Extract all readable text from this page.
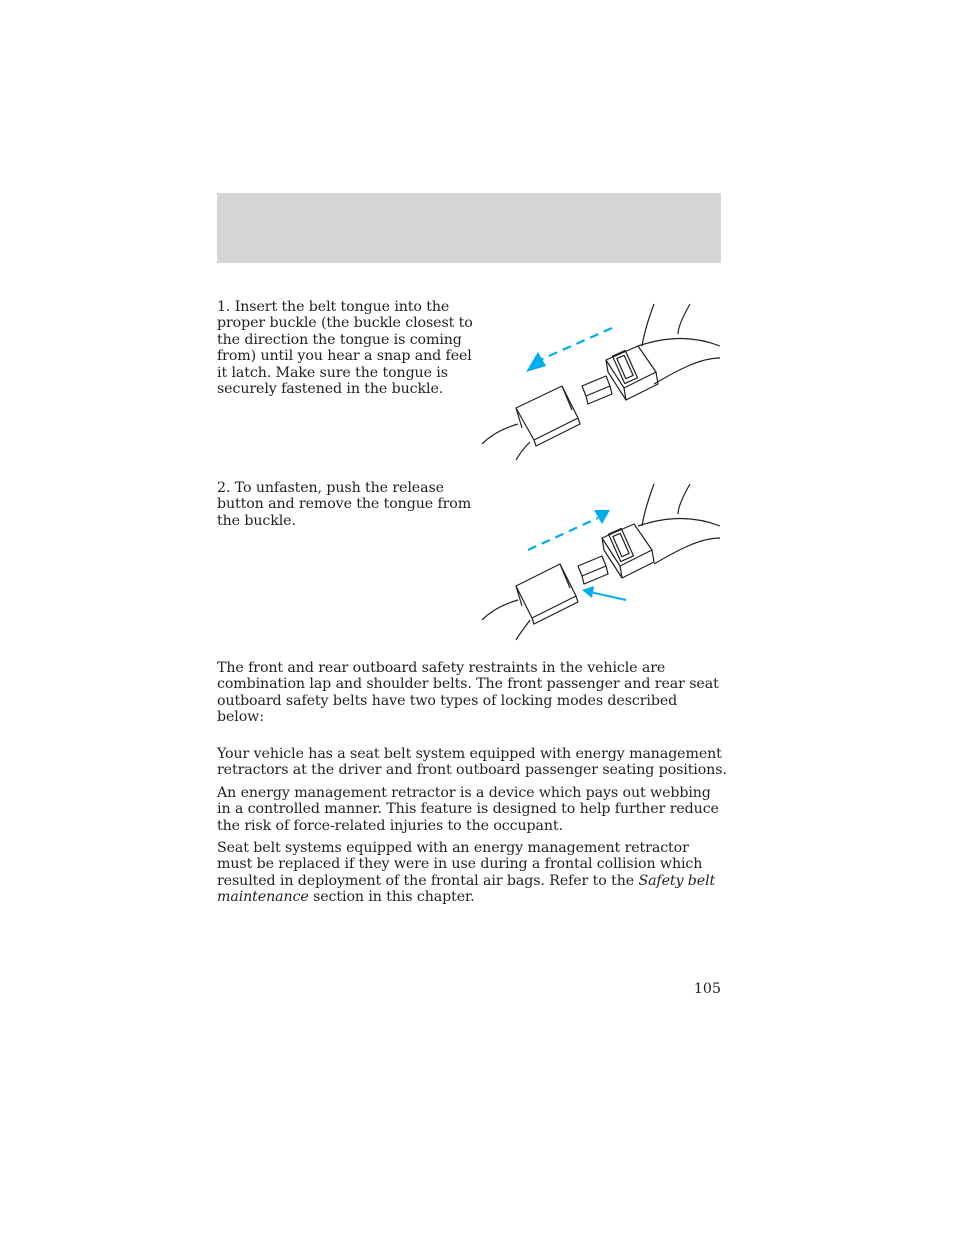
1. Insert the belt tongue into the proper buckle (the buckle closest to the direction the tongue is coming from) until you hear a snap and feel it latch. Make sure the tongue is securely fastened in the buckle.
2. To unfasten, push the release button and remove the tongue from the buckle.
The front and rear outboard safety restraints in the vehicle are combination lap and shoulder belts. The front passenger and rear seat outboard safety belts have two types of locking modes described below:
Your vehicle has a seat belt system equipped with energy management retractors at the driver and front outboard passenger seating positions.
An energy management retractor is a device which pays out webbing in a controlled manner. This feature is designed to help further reduce the risk of force-related injuries to the occupant.
Seat belt systems equipped with an energy management retractor must be replaced if they were in use during a frontal collision which resulted in deployment of the frontal air bags. Refer to the Safety belt maintenance section in this chapter.
105
